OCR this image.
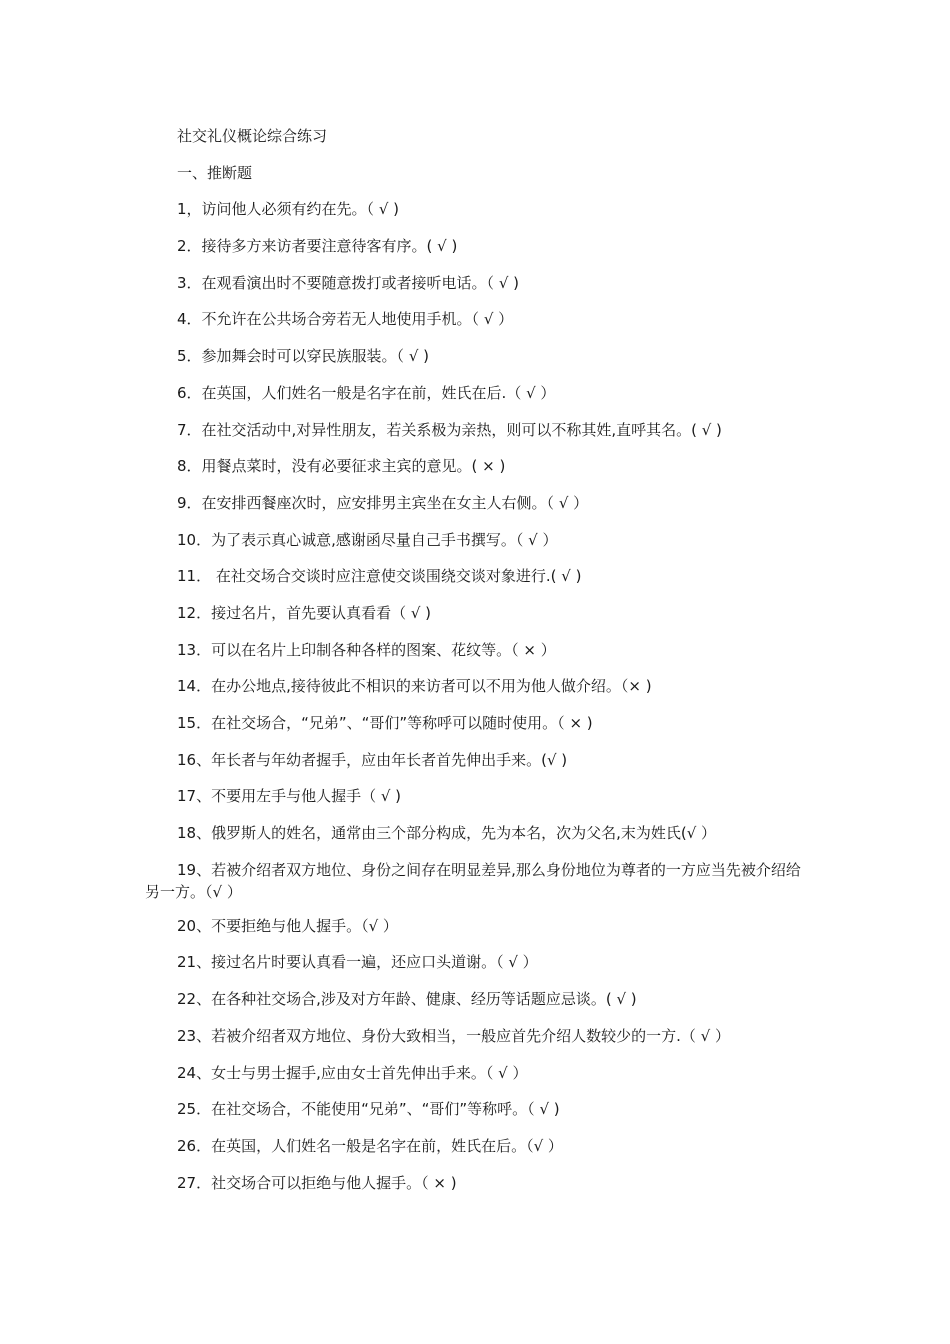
社交礼仪概论综合练习
一、推断题
1，访问他人必须有约在先。（ √ )
2．接待多方来访者要注意待客有序。( √ )
3．在观看演出时不要随意拨打或者接听电话。（ √ )
4．不允许在公共场合旁若无人地使用手机。（ √ ）
5．参加舞会时可以穿民族服装。（ √ )
6．在英国，人们姓名一般是名字在前，姓氏在后.（ √ ）
7．在社交活动中,对异性朋友，若关系极为亲热，则可以不称其姓,直呼其名。( √ )
8．用餐点菜时，没有必要征求主宾的意见。( × )
9．在安排西餐座次时，应安排男主宾坐在女主人右侧。（ √ ）
10．为了表示真心诚意,感谢函尽量自己手书撰写。（ √ ）
11． 在社交场合交谈时应注意使交谈围绕交谈对象进行.( √ )
12．接过名片，首先要认真看看（ √ )
13．可以在名片上印制各种各样的图案、花纹等。（ × ）
14．在办公地点,接待彼此不相识的来访者可以不用为他人做介绍。（× )
15．在社交场合，“兄弟”、“哥们”等称呼可以随时使用。（ × )
16、年长者与年幼者握手，应由年长者首先伸出手来。(√ )
17、不要用左手与他人握手（ √ )
18、俄罗斯人的姓名，通常由三个部分构成，先为本名，次为父名,末为姓氏(√ ）
19、若被介绍者双方地位、身份之间存在明显差异,那么身份地位为尊者的一方应当先被介绍给另一方。（√ ）
20、不要拒绝与他人握手。（√ ）
21、接过名片时要认真看一遍，还应口头道谢。（ √ ）
22、在各种社交场合,涉及对方年龄、健康、经历等话题应忌谈。( √ )
23、若被介绍者双方地位、身份大致相当，一般应首先介绍人数较少的一方.（ √ ）
24、女士与男士握手,应由女士首先伸出手来。（ √ ）
25．在社交场合，不能使用“兄弟”、“哥们”等称呼。（ √ )
26．在英国，人们姓名一般是名字在前，姓氏在后。（√ ）
27．社交场合可以拒绝与他人握手。（ × )
